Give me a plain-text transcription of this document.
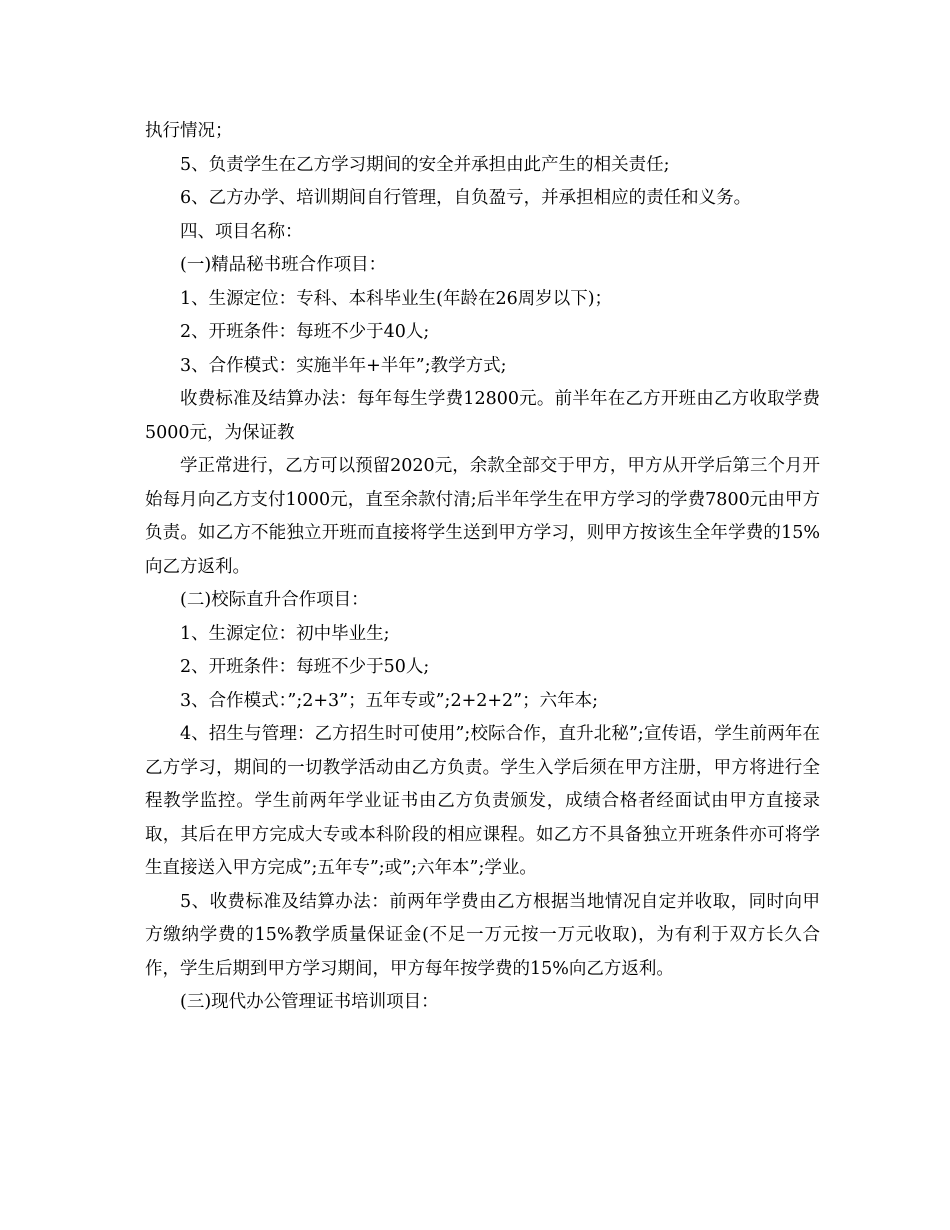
执行情况；

5、负责学生在乙方学习期间的安全并承担由此产生的相关责任;

6、乙方办学、培训期间自行管理，自负盈亏，并承担相应的责任和义务。

四、项目名称：

(一)精品秘书班合作项目：

1、生源定位：专科、本科毕业生(年龄在26周岁以下)；

2、开班条件：每班不少于40人;

3、合作模式：实施半年+半年”;教学方式;

收费标准及结算办法：每年每生学费12800元。前半年在乙方开班由乙方收取学费5000元，为保证教

学正常进行，乙方可以预留2020元，余款全部交于甲方，甲方从开学后第三个月开始每月向乙方支付1000元，直至余款付清;后半年学生在甲方学习的学费7800元由甲方负责。如乙方不能独立开班而直接将学生送到甲方学习，则甲方按该生全年学费的15%向乙方返利。

(二)校际直升合作项目：

1、生源定位：初中毕业生;

2、开班条件：每班不少于50人;

3、合作模式：”;2+3”；五年专或”;2+2+2”；六年本;

4、招生与管理：乙方招生时可使用”;校际合作，直升北秘”;宣传语，学生前两年在乙方学习，期间的一切教学活动由乙方负责。学生入学后须在甲方注册，甲方将进行全程教学监控。学生前两年学业证书由乙方负责颁发，成绩合格者经面试由甲方直接录取，其后在甲方完成大专或本科阶段的相应课程。如乙方不具备独立开班条件亦可将学生直接送入甲方完成”;五年专”;或”;六年本”;学业。

5、收费标准及结算办法：前两年学费由乙方根据当地情况自定并收取，同时向甲方缴纳学费的15%教学质量保证金(不足一万元按一万元收取)，为有利于双方长久合作，学生后期到甲方学习期间，甲方每年按学费的15%向乙方返利。

(三)现代办公管理证书培训项目：
